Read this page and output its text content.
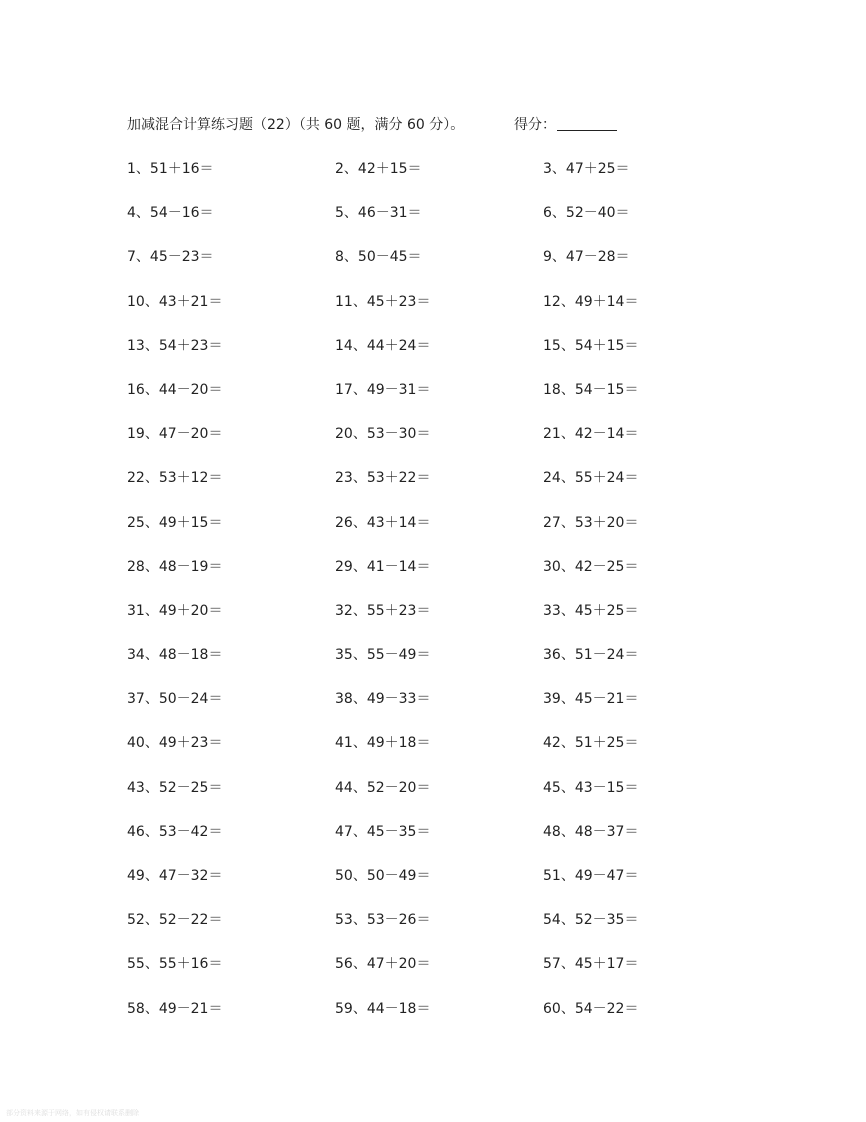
加减混合计算练习题（22）（共 60 题，满分 60 分）。	得分：
1、51＋16＝	2、42＋15＝	3、47＋25＝
4、54－16＝	5、46－31＝	6、52－40＝
7、45－23＝	8、50－45＝	9、47－28＝
10、43＋21＝	11、45＋23＝	12、49＋14＝
13、54＋23＝	14、44＋24＝	15、54＋15＝
16、44－20＝	17、49－31＝	18、54－15＝
19、47－20＝	20、53－30＝	21、42－14＝
22、53＋12＝	23、53＋22＝	24、55＋24＝
25、49＋15＝	26、43＋14＝	27、53＋20＝
28、48－19＝	29、41－14＝	30、42－25＝
31、49＋20＝	32、55＋23＝	33、45＋25＝
34、48－18＝	35、55－49＝	36、51－24＝
37、50－24＝	38、49－33＝	39、45－21＝
40、49＋23＝	41、49＋18＝	42、51＋25＝
43、52－25＝	44、52－20＝	45、43－15＝
46、53－42＝	47、45－35＝	48、48－37＝
49、47－32＝	50、50－49＝	51、49－47＝
52、52－22＝	53、53－26＝	54、52－35＝
55、55＋16＝	56、47＋20＝	57、45＋17＝
58、49－21＝	59、44－18＝	60、54－22＝
部分资料来源于网络，如有侵权请联系删除
